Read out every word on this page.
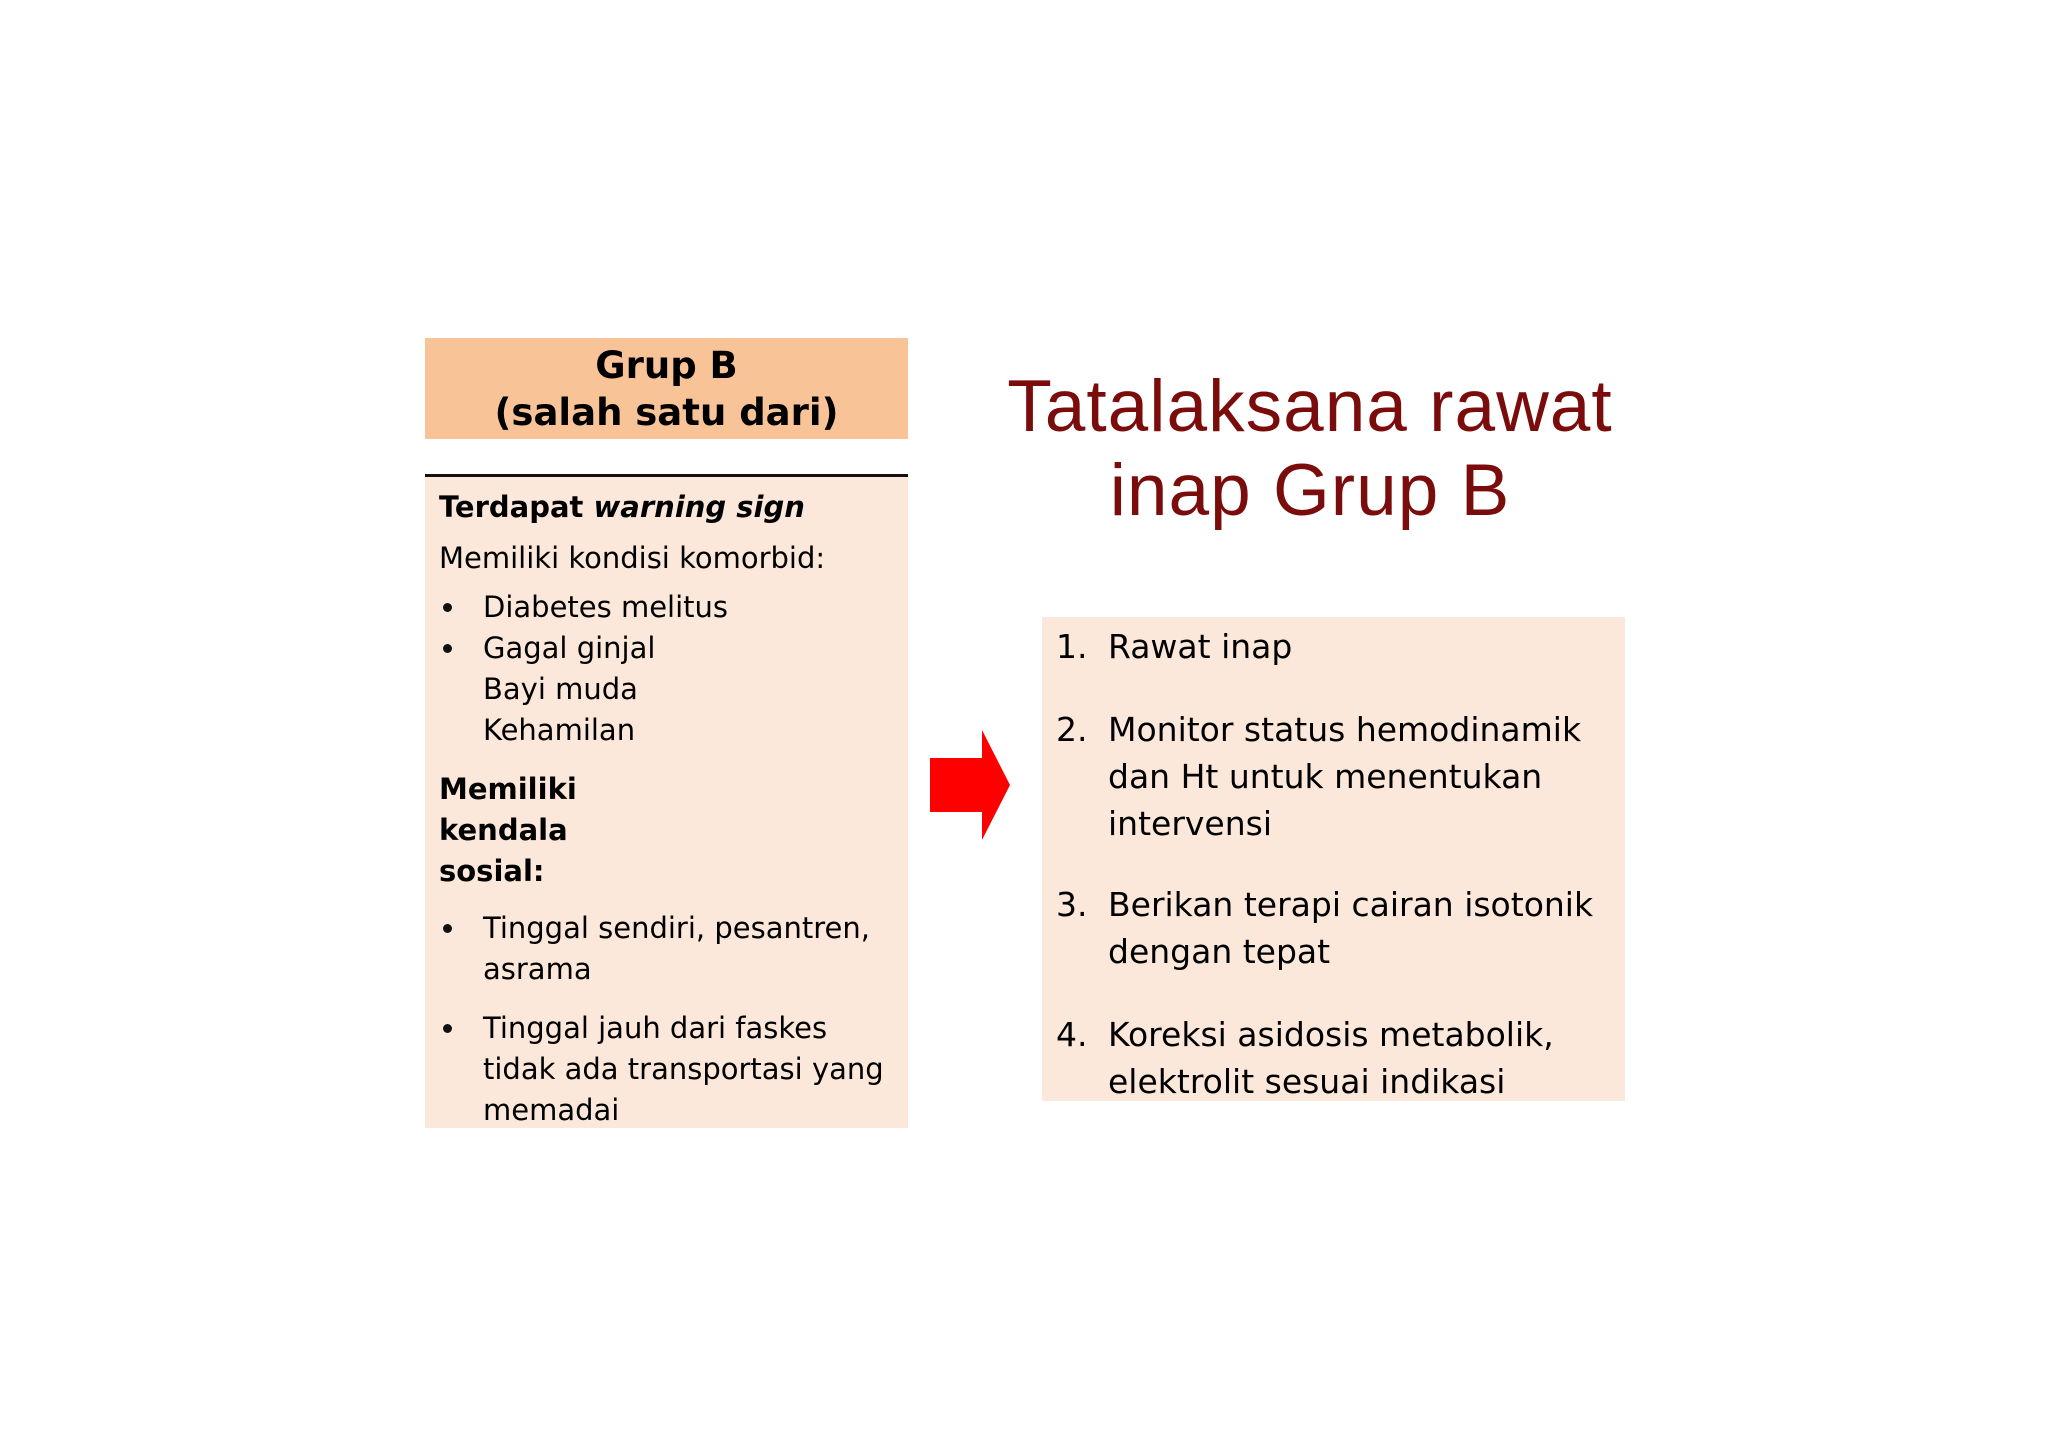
Grup B
(salah satu dari)
Terdapat warning sign
Memiliki kondisi komorbid:
Diabetes melitus
Gagal ginjal
Bayi muda
Kehamilan
Memiliki
kendala
sosial:
Tinggal sendiri, pesantren,
asrama
Tinggal jauh dari faskes
tidak ada transportasi yang
memadai
Tatalaksana rawat
inap Grup B
1. Rawat inap
2. Monitor status hemodinamik
dan Ht untuk menentukan
intervensi
3. Berikan terapi cairan isotonik
dengan tepat
4. Koreksi asidosis metabolik,
elektrolit sesuai indikasi
